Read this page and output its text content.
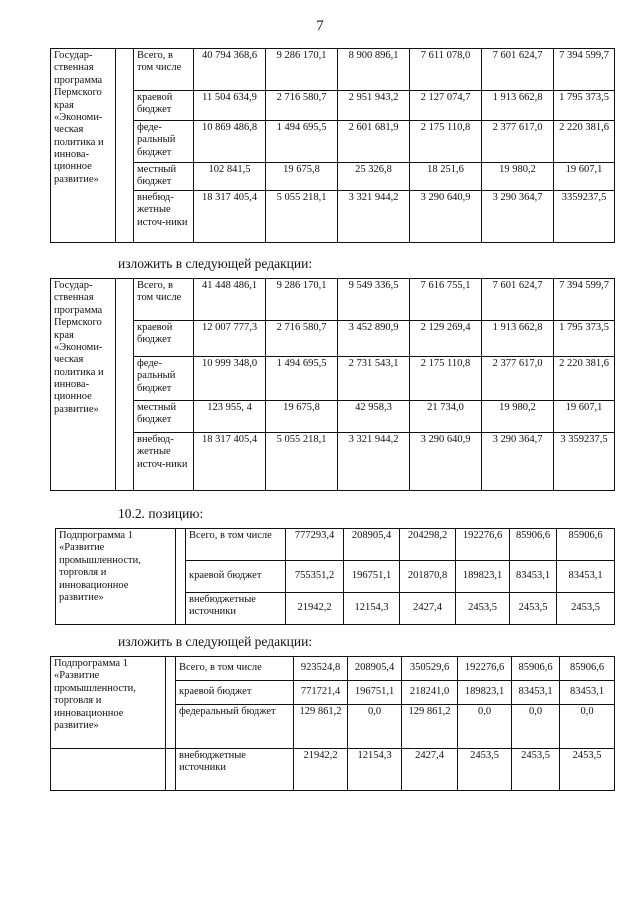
7
Государ-ственная программа Пермского края «Экономи-ческая политика и иннова-ционное развитие»		Всего, в том числе	40 794 368,6	9 286 170,1	8 900 896,1	7 611 078,0	7 601 624,7	7 394 599,7
		краевой бюджет	11 504 634,9	2 716 580,7	2 951 943,2	2 127 074,7	1 913 662,8	1 795 373,5
		феде-ральный бюджет	10 869 486,8	1 494 695,5	2 601 681,9	2 175 110,8	2 377 617,0	2 220 381,6
		местный бюджет	102 841,5	19 675,8	25 326,8	18 251,6	19 980,2	19 607,1
		внебюд-жетные источ-ники	18 317 405,4	5 055 218,1	3 321 944,2	3 290 640,9	3 290 364,7	3359237,5
изложить в следующей редакции:
Государ-ственная программа Пермского края «Экономи-ческая политика и иннова-ционное развитие»		Всего, в том числе	41 448 486,1	9 286 170,1	9 549 336,5	7 616 755,1	7 601 624,7	7 394 599,7
		краевой бюджет	12 007 777,3	2 716 580,7	3 452 890,9	2 129 269,4	1 913 662,8	1 795 373,5
		феде-ральный бюджет	10 999 348,0	1 494 695,5	2 731 543,1	2 175 110,8	2 377 617,0	2 220 381,6
		местный бюджет	123 955, 4	19 675,8	42 958,3	21 734,0	19 980,2	19 607,1
		внебюд-жетные источ-ники	18 317 405,4	5 055 218,1	3 321 944,2	3 290 640,9	3 290 364,7	3 359237,5
10.2. позицию:
Подпрограмма 1 «Развитие промышленности, торговля и инновационное развитие»		Всего, в том числе	777293,4	208905,4	204298,2	192276,6	85906,6	85906,6
		краевой бюджет	755351,2	196751,1	201870,8	189823,1	83453,1	83453,1
		внебюджетные источники	21942,2	12154,3	2427,4	2453,5	2453,5	2453,5
изложить в следующей редакции:
Подпрограмма 1 «Развитие промышленности, торговля и инновационное развитие»		Всего, в том числе	923524,8	208905,4	350529,6	192276,6	85906,6	85906,6
		краевой бюджет	771721,4	196751,1	218241,0	189823,1	83453,1	83453,1
		федеральный бюджет	129 861,2	0,0	129 861,2	0,0	0,0	0,0
		внебюджетные источники	21942,2	12154,3	2427,4	2453,5	2453,5	2453,5
